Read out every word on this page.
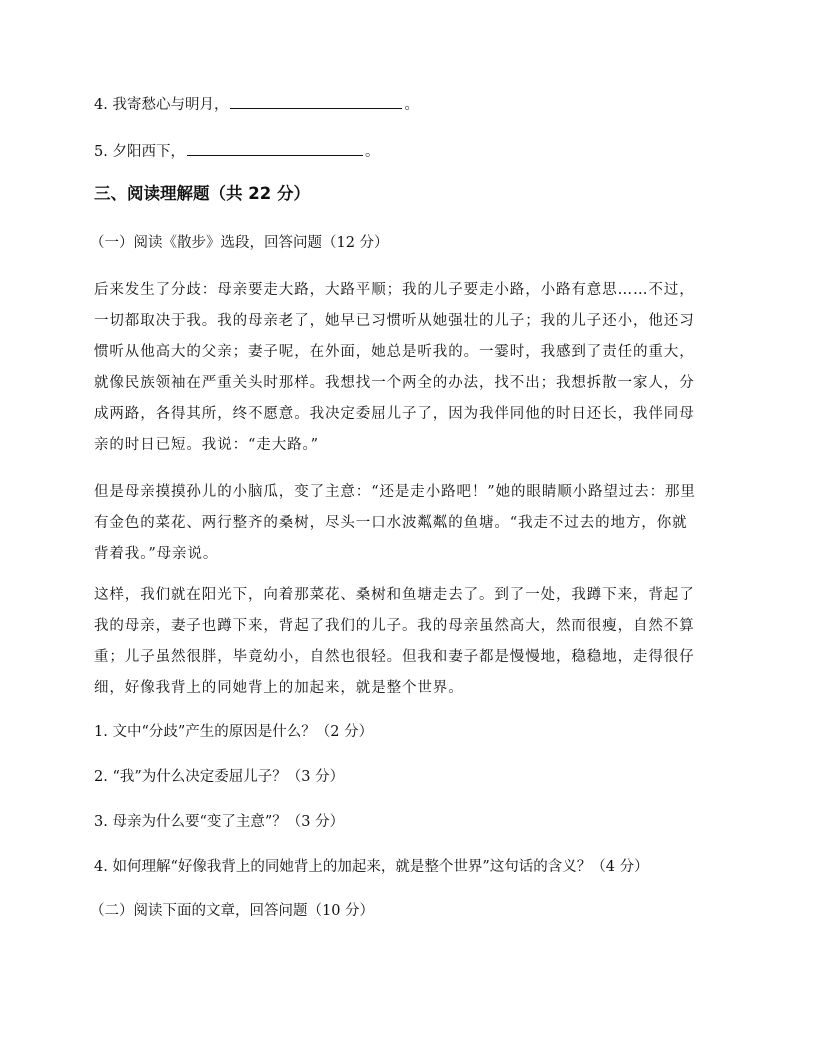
4. 我寄愁心与明月，	。
5. 夕阳西下，	。
三、阅读理解题（共 22 分）
（一）阅读《散步》选段，回答问题（12 分）
后来发生了分歧：母亲要走大路，大路平顺；我的儿子要走小路，小路有意思……不过，
一切都取决于我。我的母亲老了，她早已习惯听从她强壮的儿子；我的儿子还小，他还习
惯听从他高大的父亲；妻子呢，在外面，她总是听我的。一霎时，我感到了责任的重大，
就像民族领袖在严重关头时那样。我想找一个两全的办法，找不出；我想拆散一家人，分
成两路，各得其所，终不愿意。我决定委屈儿子了，因为我伴同他的时日还长，我伴同母
亲的时日已短。我说：“走大路。”
但是母亲摸摸孙儿的小脑瓜，变了主意：“还是走小路吧！”她的眼睛顺小路望过去：那里
有金色的菜花、两行整齐的桑树，尽头一口水波粼粼的鱼塘。“我走不过去的地方，你就
背着我。”母亲说。
这样，我们就在阳光下，向着那菜花、桑树和鱼塘走去了。到了一处，我蹲下来，背起了
我的母亲，妻子也蹲下来，背起了我们的儿子。我的母亲虽然高大，然而很瘦，自然不算
重；儿子虽然很胖，毕竟幼小，自然也很轻。但我和妻子都是慢慢地，稳稳地，走得很仔
细，好像我背上的同她背上的加起来，就是整个世界。
1. 文中“分歧”产生的原因是什么？（2 分）
2. “我”为什么决定委屈儿子？（3 分）
3. 母亲为什么要“变了主意”？（3 分）
4. 如何理解“好像我背上的同她背上的加起来，就是整个世界”这句话的含义？（4 分）
（二）阅读下面的文章，回答问题（10 分）
